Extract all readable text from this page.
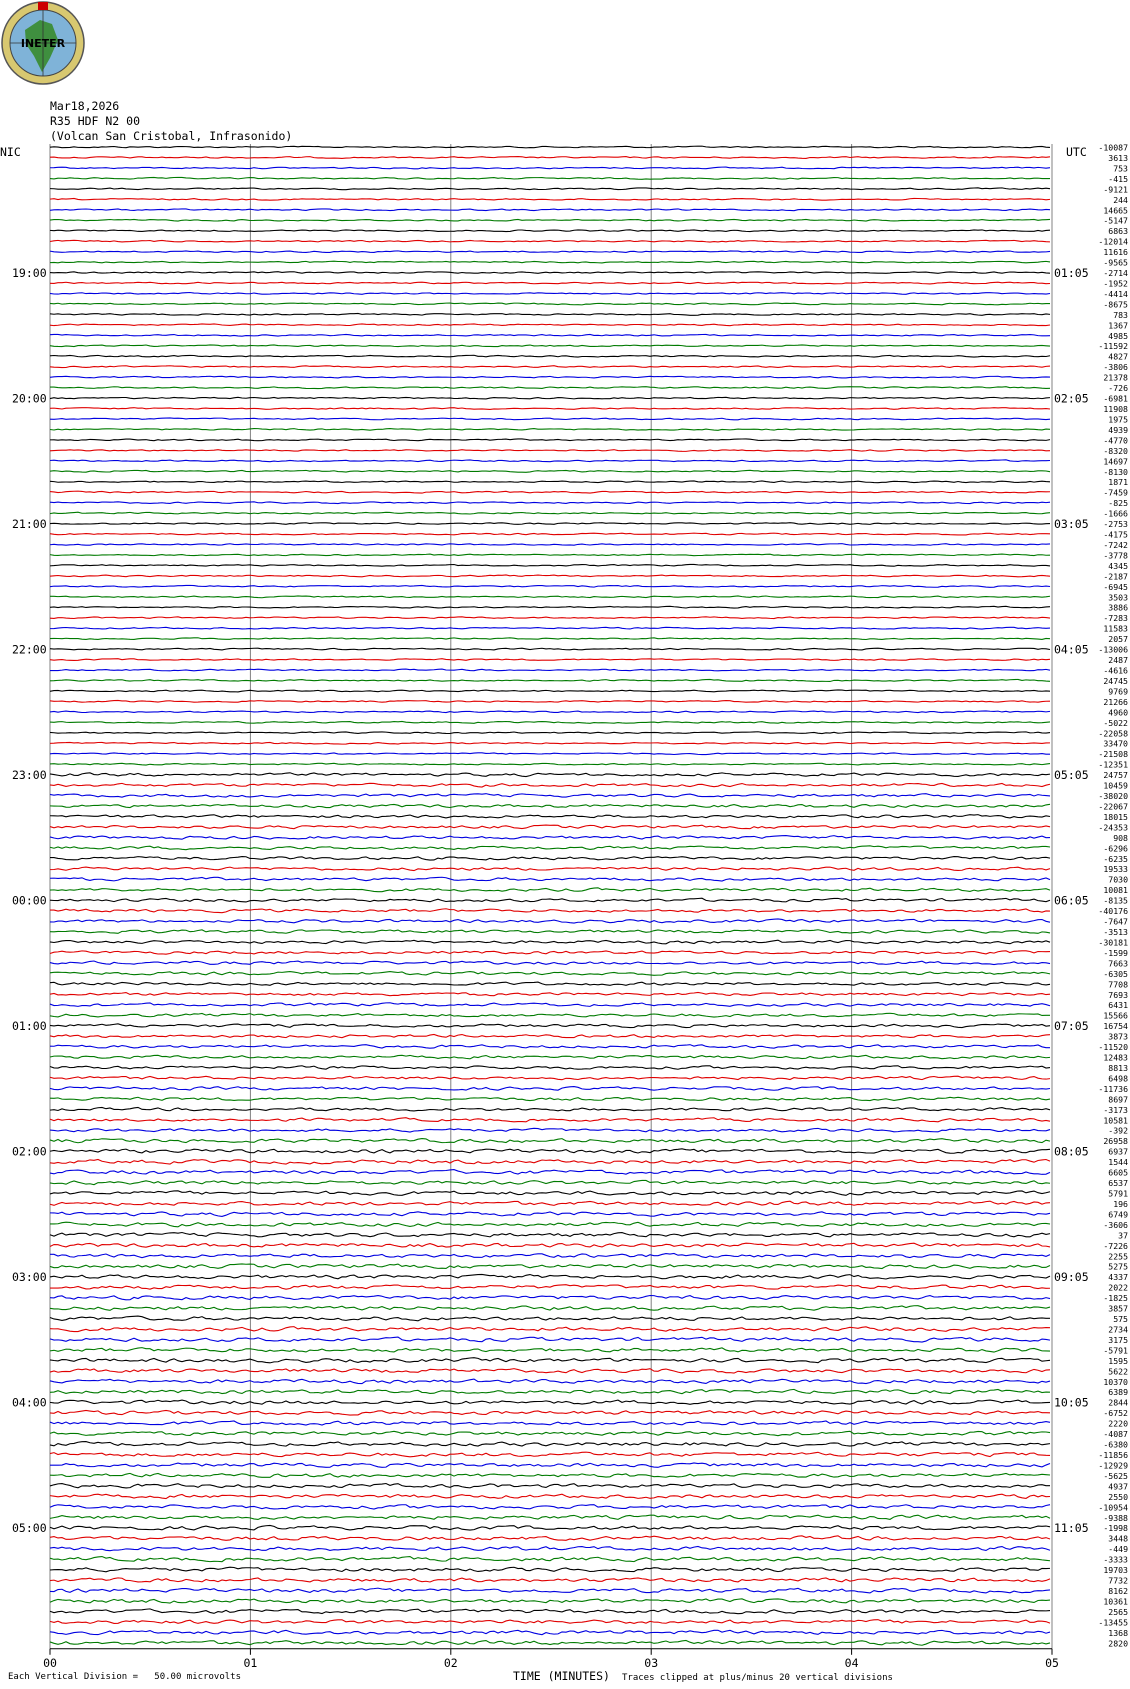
INETER
Mar18,2026
R35 HDF N2 00
(Volcan San Cristobal, Infrasonido)
NIC	UTC -10087
3613
753
-415
-9121
244
14665
-5147
6863
-12014
11616
-9565
-2714
-1952
-4414
-8675
783
1367
4985
-11592
4827
-3806
21378
-726
-6981
11908
1975
4939
-4770
-8320
14697
-8130
1871
-7459
-825
-1666
-2753
-4175
-7242
-3778
4345
-2187
-6945
3503
3886
-7283
11583
2057
-13006
2487
-4616
24745
9769
21266
4960
-5022
-22058
33470
-21508
-12351
24757
10459
-38020
-22067
18015
-24353
908
-6296
-6235
19533
7030
10081
-8135
-40176
-7647
-3513
-30181
-1599
7663
-6305
7708
7693
6431
15566
16754
3873
-11520
12483
8813
6498
-11736
8697
-3173
10581
-392
26958
6937
1544
6605
6537
5791
196
6749
-3606
37
-7226
2255
5275
4337
2022
-1825
3857
575
2734
3175
-5791
1595
5622
10370
6389
2844
-6752
2220
-4087
-6380
-11856
-12929
-5625
4937
2550
-10954
-9388
-1998
3448
-449
-3333
19703
7732
8162
10361
2565
-13455
1368
2820
19:00
20:00
21:00
22:00
23:00
00:00
01:00
02:00
03:00
04:00
05:00
01:05
02:05
03:05
04:05
05:05
06:05
07:05
08:05
09:05
10:05
11:05
00	01	02	03	04	05
Each Vertical Division =   50.00 microvolts	TIME (MINUTES) Traces clipped at plus/minus 20 vertical divisions
